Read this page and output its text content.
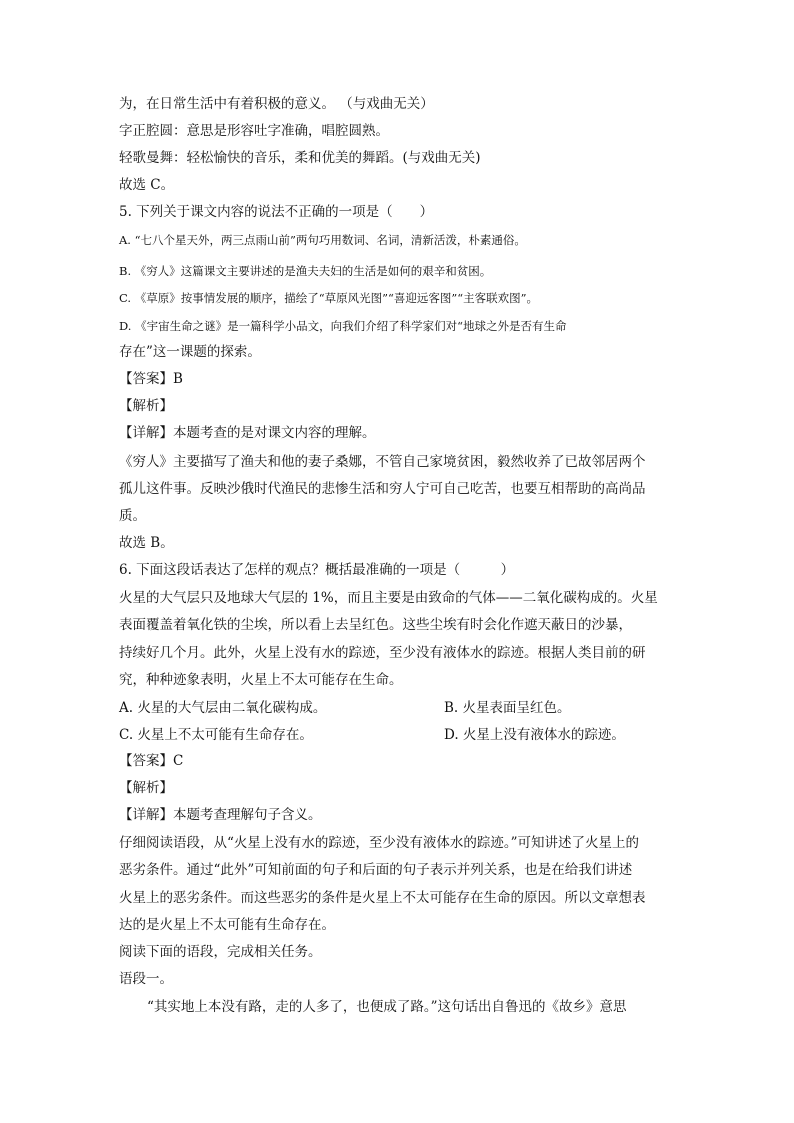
为，在日常生活中有着积极的意义。 （与戏曲无关）
字正腔圆：意思是形容吐字准确，唱腔圆熟。
轻歌曼舞：轻松愉快的音乐，柔和优美的舞蹈。(与戏曲无关)
故选 C。
5. 下列关于课文内容的说法不正确的一项是（　　）
A. “七八个星天外，两三点雨山前”两句巧用数词、名词，清新活泼，朴素通俗。
B. 《穷人》这篇课文主要讲述的是渔夫夫妇的生活是如何的艰辛和贫困。
C. 《草原》按事情发展的顺序，描绘了“草原风光图”“喜迎远客图”“主客联欢图”。
D. 《宇宙生命之谜》是一篇科学小品文，向我们介绍了科学家们对“地球之外是否有生命
存在”这一课题的探索。
【答案】B
【解析】
【详解】本题考查的是对课文内容的理解。
《穷人》主要描写了渔夫和他的妻子桑娜，不管自己家境贫困，毅然收养了已故邻居两个
孤儿这件事。反映沙俄时代渔民的悲惨生活和穷人宁可自己吃苦，也要互相帮助的高尚品
质。
故选 B。
6. 下面这段话表达了怎样的观点？概括最准确的一项是（　　　）
火星的大气层只及地球大气层的 1%，而且主要是由致命的气体——二氧化碳构成的。火星
表面覆盖着氧化铁的尘埃，所以看上去呈红色。这些尘埃有时会化作遮天蔽日的沙暴，
持续好几个月。此外，火星上没有水的踪迹，至少没有液体水的踪迹。根据人类目前的研
究，种种迹象表明，火星上不太可能存在生命。
A. 火星的大气层由二氧化碳构成。	B. 火星表面呈红色。
C. 火星上不太可能有生命存在。	D. 火星上没有液体水的踪迹。
【答案】C
【解析】
【详解】本题考查理解句子含义。
仔细阅读语段，从“火星上没有水的踪迹，至少没有液体水的踪迹。”可知讲述了火星上的
恶劣条件。通过“此外”可知前面的句子和后面的句子表示并列关系，也是在给我们讲述
火星上的恶劣条件。而这些恶劣的条件是火星上不太可能存在生命的原因。所以文章想表
达的是火星上不太可能有生命存在。
阅读下面的语段，完成相关任务。
语段一。
“其实地上本没有路，走的人多了，也便成了路。”这句话出自鲁迅的《故乡》意思
